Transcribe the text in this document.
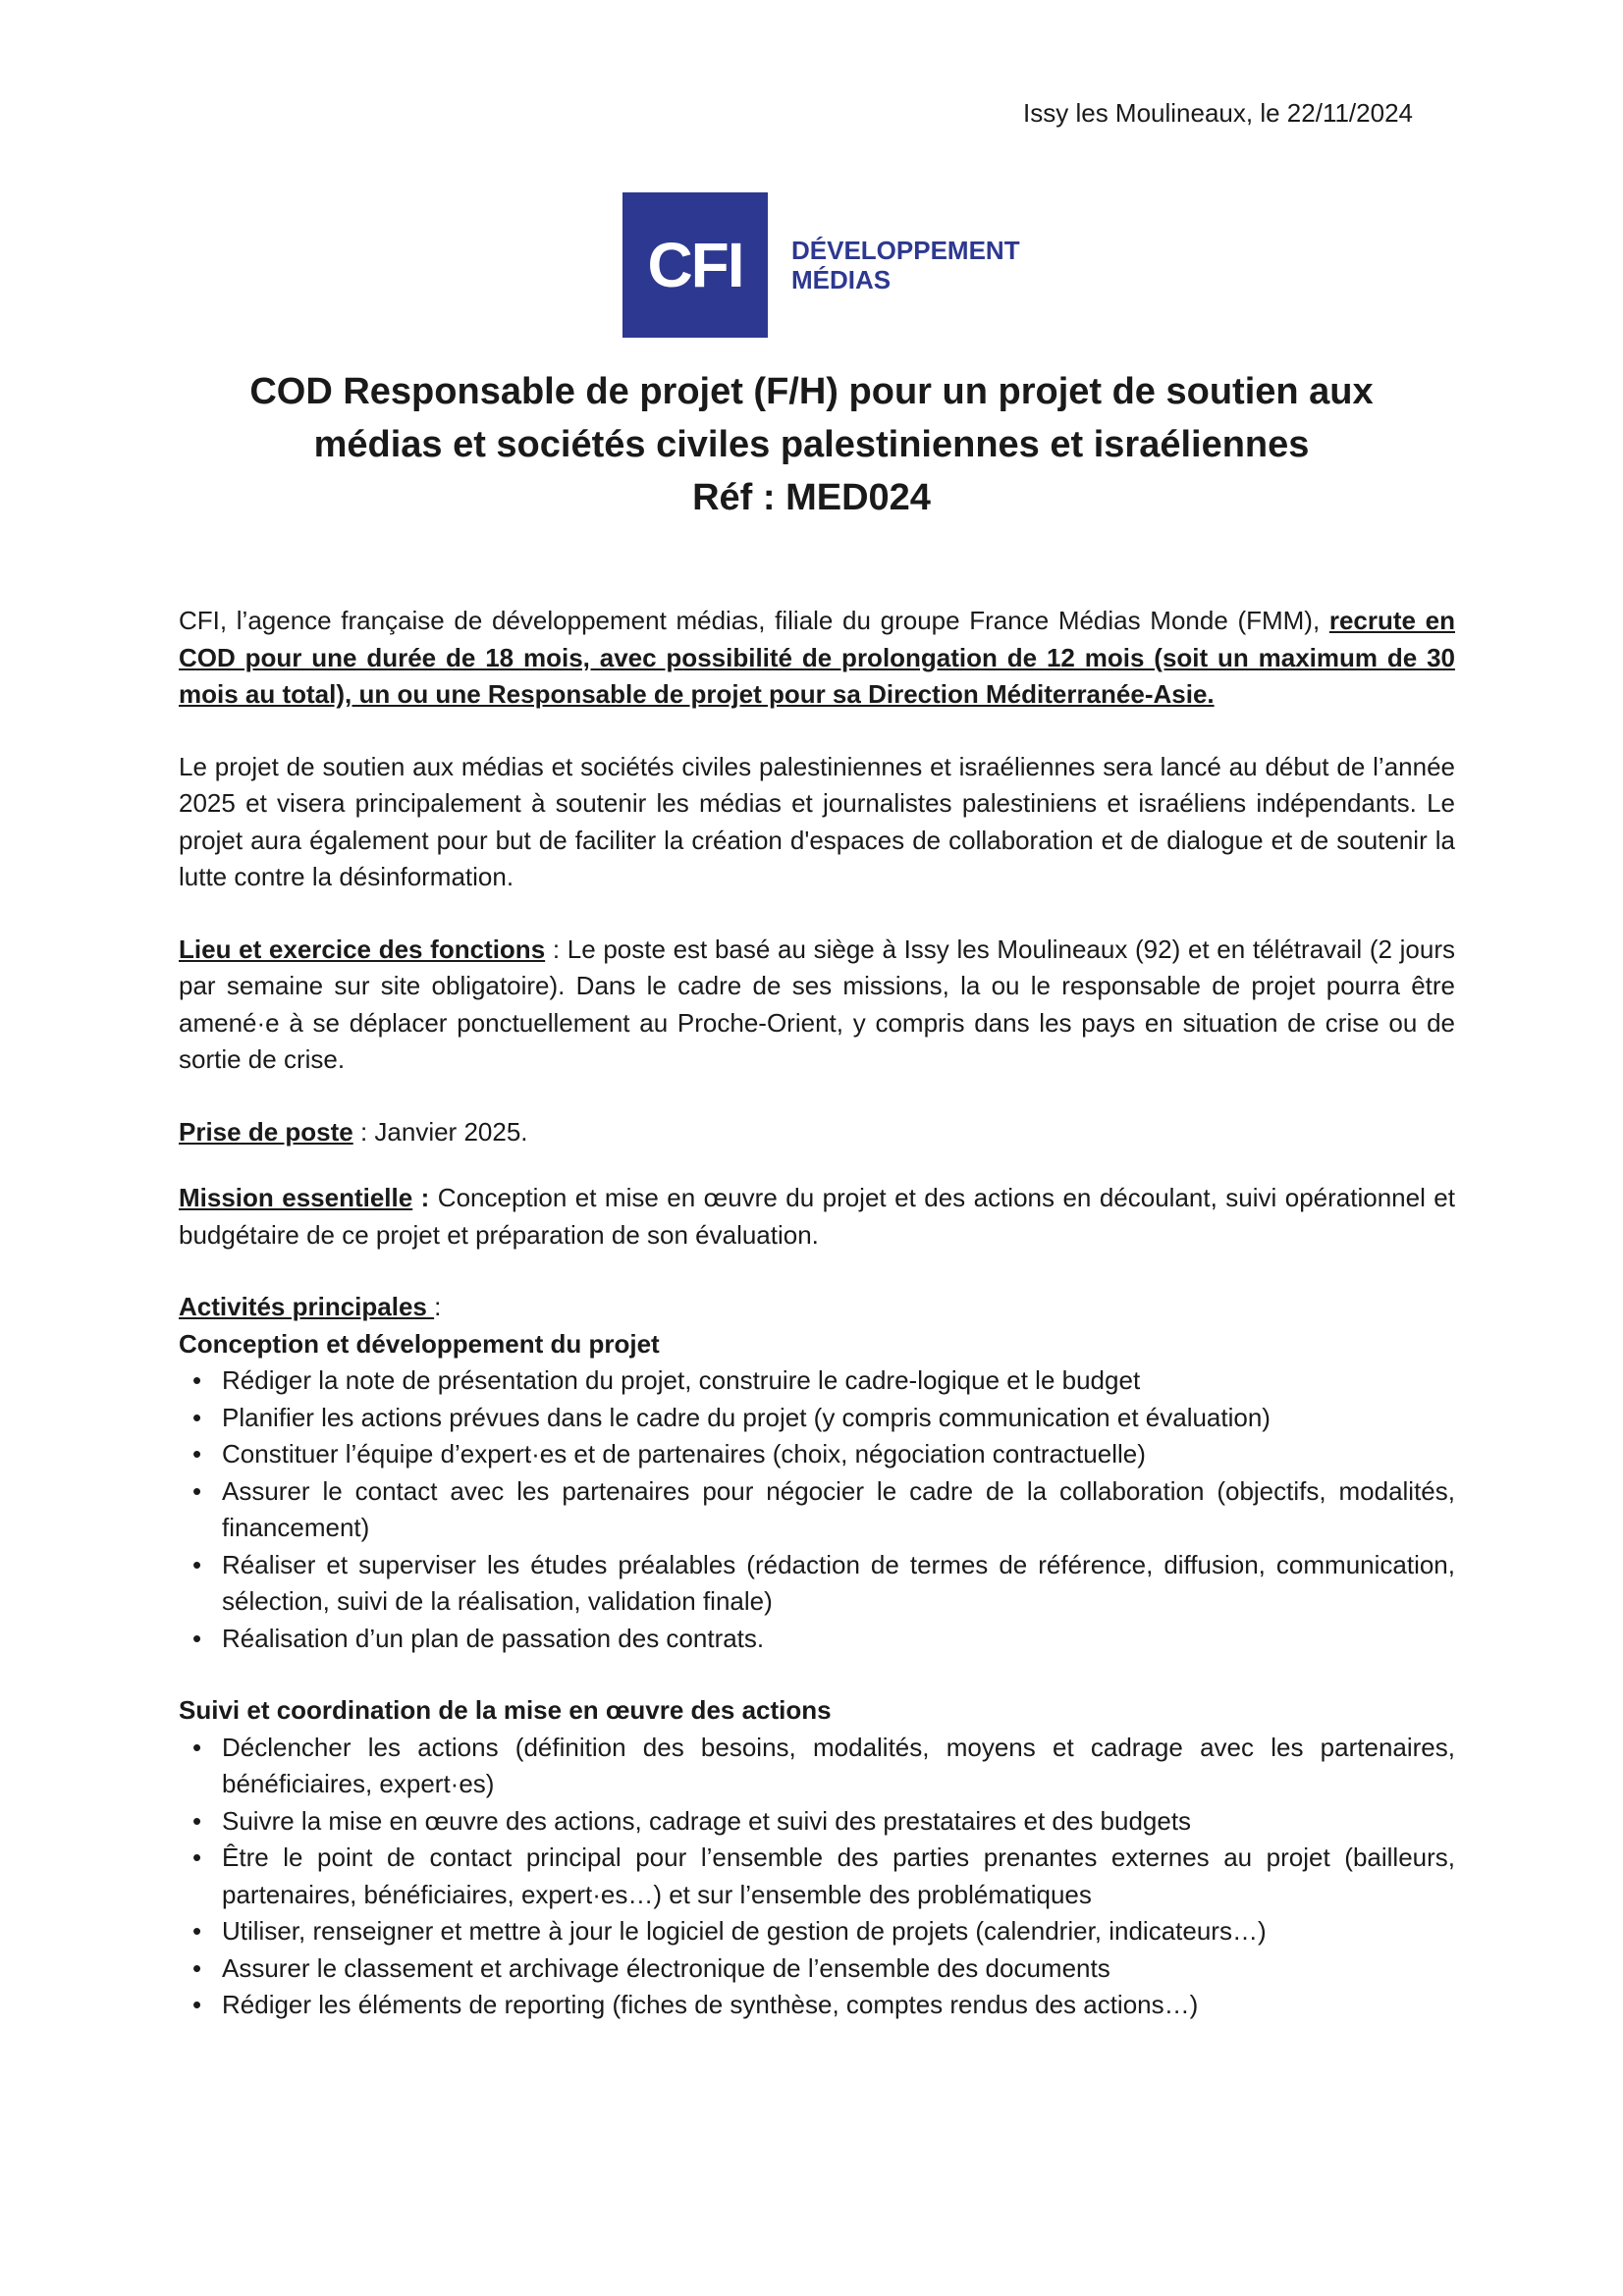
Issy les Moulineaux, le 22/11/2024
CFI DÉVELOPPEMENT
MÉDIAS
COD Responsable de projet (F/H) pour un projet de soutien aux
médias et sociétés civiles palestiniennes et israéliennes
Réf : MED024

CFI, l’agence française de développement médias, filiale du groupe France Médias Monde (FMM), recrute en COD pour une durée de 18 mois, avec possibilité de prolongation de 12 mois (soit un maximum de 30 mois au total), un ou une Responsable de projet pour sa Direction Méditerranée-Asie.

Le projet de soutien aux médias et sociétés civiles palestiniennes et israéliennes sera lancé au début de l’année 2025 et visera principalement à soutenir les médias et journalistes palestiniens et israéliens indépendants. Le projet aura également pour but de faciliter la création d'espaces de collaboration et de dialogue et de soutenir la lutte contre la désinformation.

Lieu et exercice des fonctions : Le poste est basé au siège à Issy les Moulineaux (92) et en télétravail (2 jours par semaine sur site obligatoire). Dans le cadre de ses missions, la ou le responsable de projet pourra être amené·e à se déplacer ponctuellement au Proche-Orient, y compris dans les pays en situation de crise ou de sortie de crise.

Prise de poste : Janvier 2025.

Mission essentielle : Conception et mise en œuvre du projet et des actions en découlant, suivi opérationnel et budgétaire de ce projet et préparation de son évaluation.

Activités principales :

Conception et développement du projet

• Rédiger la note de présentation du projet, construire le cadre-logique et le budget
• Planifier les actions prévues dans le cadre du projet (y compris communication et évaluation)
• Constituer l’équipe d’expert·es et de partenaires (choix, négociation contractuelle)
• Assurer le contact avec les partenaires pour négocier le cadre de la collaboration (objectifs, modalités, financement)
• Réaliser et superviser les études préalables (rédaction de termes de référence, diffusion, communication, sélection, suivi de la réalisation, validation finale)
• Réalisation d’un plan de passation des contrats.

Suivi et coordination de la mise en œuvre des actions

• Déclencher les actions (définition des besoins, modalités, moyens et cadrage avec les partenaires, bénéficiaires, expert·es)
• Suivre la mise en œuvre des actions, cadrage et suivi des prestataires et des budgets
• Être le point de contact principal pour l’ensemble des parties prenantes externes au projet (bailleurs, partenaires, bénéficiaires, expert·es…) et sur l’ensemble des problématiques
• Utiliser, renseigner et mettre à jour le logiciel de gestion de projets (calendrier, indicateurs…)
• Assurer le classement et archivage électronique de l’ensemble des documents
• Rédiger les éléments de reporting (fiches de synthèse, comptes rendus des actions…)
